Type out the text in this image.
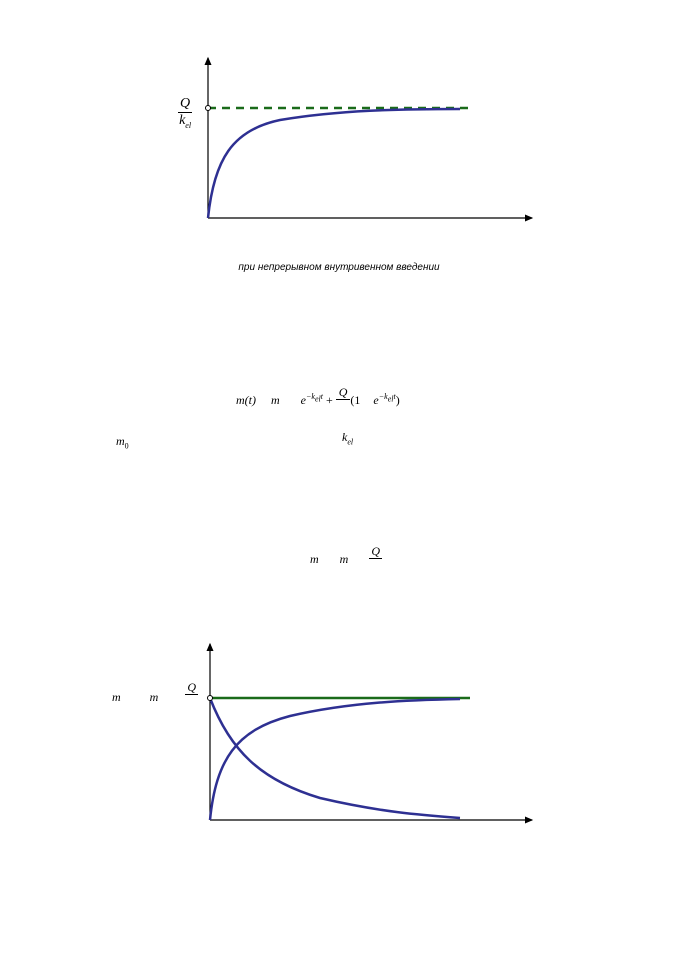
Q
$k_{el}$
при непрерывном внутривенном введении
m(t) m $e^{-k_{el}t}$ +
Q
(1 $e^{-k_{el}t}$)
$m_0$
$k_{el}$
m m Q
m m Q
